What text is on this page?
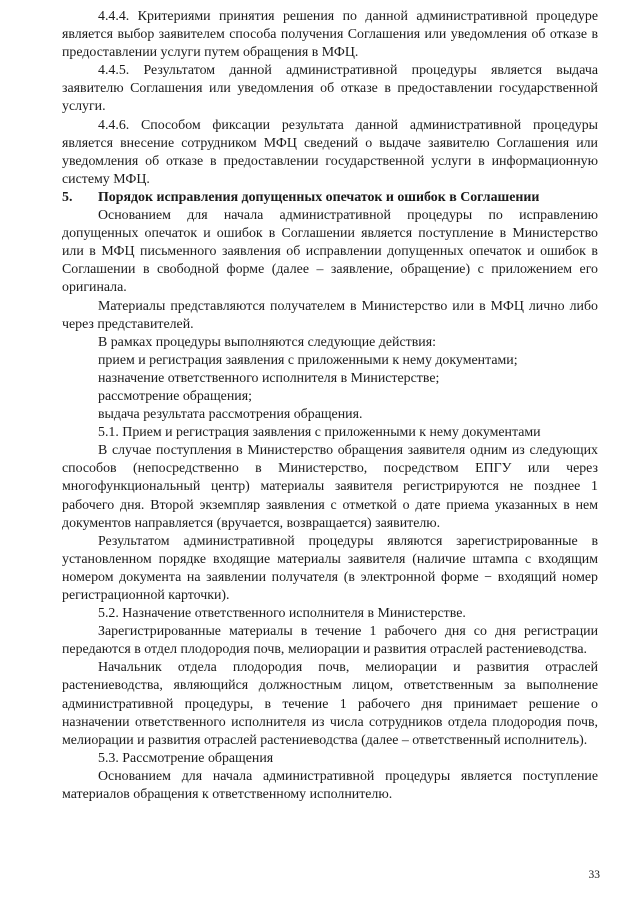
4.4.4. Критериями принятия решения по данной административной процедуре является выбор заявителем способа получения Соглашения или уведомления об отказе в предоставлении услуги путем обращения в МФЦ.

4.4.5. Результатом данной административной процедуры является выдача заявителю Соглашения или уведомления об отказе в предоставлении государственной услуги.

4.4.6. Способом фиксации результата данной административной процедуры является внесение сотрудником МФЦ сведений о выдаче заявителю Соглашения или уведомления об отказе в предоставлении государственной услуги в информационную систему МФЦ.

5. Порядок исправления допущенных опечаток и ошибок в Соглашении

Основанием для начала административной процедуры по исправлению допущенных опечаток и ошибок в Соглашении является поступление в Министерство или в МФЦ письменного заявления об исправлении допущенных опечаток и ошибок в Соглашении в свободной форме (далее – заявление, обращение) с приложением его оригинала.

Материалы представляются получателем в Министерство или в МФЦ лично либо через представителей.

В рамках процедуры выполняются следующие действия:

прием и регистрация заявления с приложенными к нему документами;

назначение ответственного исполнителя в Министерстве;

рассмотрение обращения;

выдача результата рассмотрения обращения.

5.1. Прием и регистрация заявления с приложенными к нему документами

В случае поступления в Министерство обращения заявителя одним из следующих способов (непосредственно в Министерство, посредством ЕПГУ или через многофункциональный центр) материалы заявителя регистрируются не позднее 1 рабочего дня. Второй экземпляр заявления с отметкой о дате приема указанных в нем документов направляется (вручается, возвращается) заявителю.

Результатом административной процедуры являются зарегистрированные в установленном порядке входящие материалы заявителя (наличие штампа с входящим номером документа на заявлении получателя (в электронной форме − входящий номер регистрационной карточки).

5.2. Назначение ответственного исполнителя в Министерстве.

Зарегистрированные материалы в течение 1 рабочего дня со дня регистрации передаются в отдел плодородия почв, мелиорации и развития отраслей растениеводства.

Начальник отдела плодородия почв, мелиорации и развития отраслей растениеводства, являющийся должностным лицом, ответственным за выполнение административной процедуры, в течение 1 рабочего дня принимает решение о назначении ответственного исполнителя из числа сотрудников отдела плодородия почв, мелиорации и развития отраслей растениеводства (далее – ответственный исполнитель).

5.3. Рассмотрение обращения

Основанием для начала административной процедуры является поступление материалов обращения к ответственному исполнителю.

33
